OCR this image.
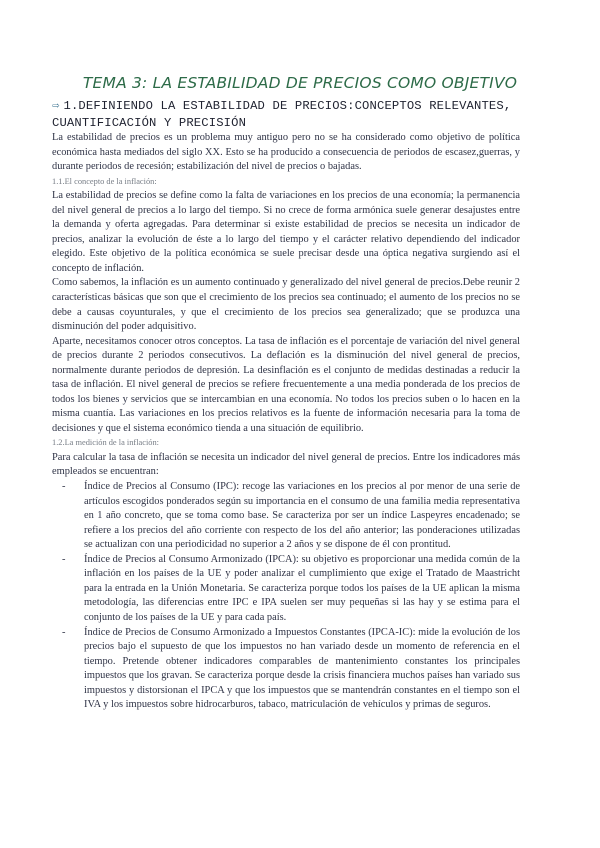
TEMA 3: LA ESTABILIDAD DE PRECIOS COMO OBJETIVO
⇨ 1.DEFINIENDO LA ESTABILIDAD DE PRECIOS:CONCEPTOS RELEVANTES, CUANTIFICACIÓN Y PRECISIÓN

La estabilidad de precios es un problema muy antiguo pero no se ha considerado como objetivo de política económica hasta mediados del siglo XX. Esto se ha producido a consecuencia de periodos de escasez,guerras, y durante periodos de recesión; estabilización del nivel de precios o bajadas.

1.1.El concepto de la inflación:

La estabilidad de precios se define como la falta de variaciones en los precios de una economía; la permanencia del nivel general de precios a lo largo del tiempo. Si no crece de forma armónica suele generar desajustes entre la demanda y oferta agregadas. Para determinar si existe estabilidad de precios se necesita un indicador de precios, analizar la evolución de éste a lo largo del tiempo y el carácter relativo dependiendo del indicador elegido. Este objetivo de la política económica se suele precisar desde una óptica negativa surgiendo así el concepto de inflación.

Como sabemos, la inflación es un aumento continuado y generalizado del nivel general de precios.Debe reunir 2 características básicas que son que el crecimiento de los precios sea continuado; el aumento de los precios no se debe a causas coyunturales, y que el crecimiento de los precios sea generalizado; que se produzca una disminución del poder adquisitivo.

Aparte, necesitamos conocer otros conceptos. La tasa de inflación es el porcentaje de variación del nivel general de precios durante 2 periodos consecutivos. La deflación es la disminución del nivel general de precios, normalmente durante periodos de depresión. La desinflación es el conjunto de medidas destinadas a reducir la tasa de inflación. El nivel general de precios se refiere frecuentemente a una media ponderada de los precios de todos los bienes y servicios que se intercambian en una economía. No todos los precios suben o lo hacen en la misma cuantía. Las variaciones en los precios relativos es la fuente de información necesaria para la toma de decisiones y que el sistema económico tienda a una situación de equilibrio.

1.2.La medición de la inflación:

Para calcular la tasa de inflación se necesita un indicador del nivel general de precios. Entre los indicadores más empleados se encuentran:

- Índice de Precios al Consumo (IPC): recoge las variaciones en los precios al por menor de una serie de artículos escogidos ponderados según su importancia en el consumo de una familia media representativa en 1 año concreto, que se toma como base. Se caracteriza por ser un índice Laspeyres encadenado; se refiere a los precios del año corriente con respecto de los del año anterior; las ponderaciones utilizadas se actualizan con una periodicidad no superior a 2 años y se dispone de él con prontitud.
- Índice de Precios al Consumo Armonizado (IPCA): su objetivo es proporcionar una medida común de la inflación en los países de la UE y poder analizar el cumplimiento que exige el Tratado de Maastricht para la entrada en la Unión Monetaria. Se caracteriza porque todos los países de la UE aplican la misma metodología, las diferencias entre IPC e IPA suelen ser muy pequeñas si las hay y se estima para el conjunto de los países de la UE y para cada país.
- Índice de Precios de Consumo Armonizado a Impuestos Constantes (IPCA-IC): mide la evolución de los precios bajo el supuesto de que los impuestos no han variado desde un momento de referencia en el tiempo. Pretende obtener indicadores comparables de mantenimiento constantes los principales impuestos que los gravan. Se caracteriza porque desde la crisis financiera muchos países han variado sus impuestos y distorsionan el IPCA y que los impuestos que se mantendrán constantes en el tiempo son el IVA y los impuestos sobre hidrocarburos, tabaco, matriculación de vehículos y primas de seguros.
